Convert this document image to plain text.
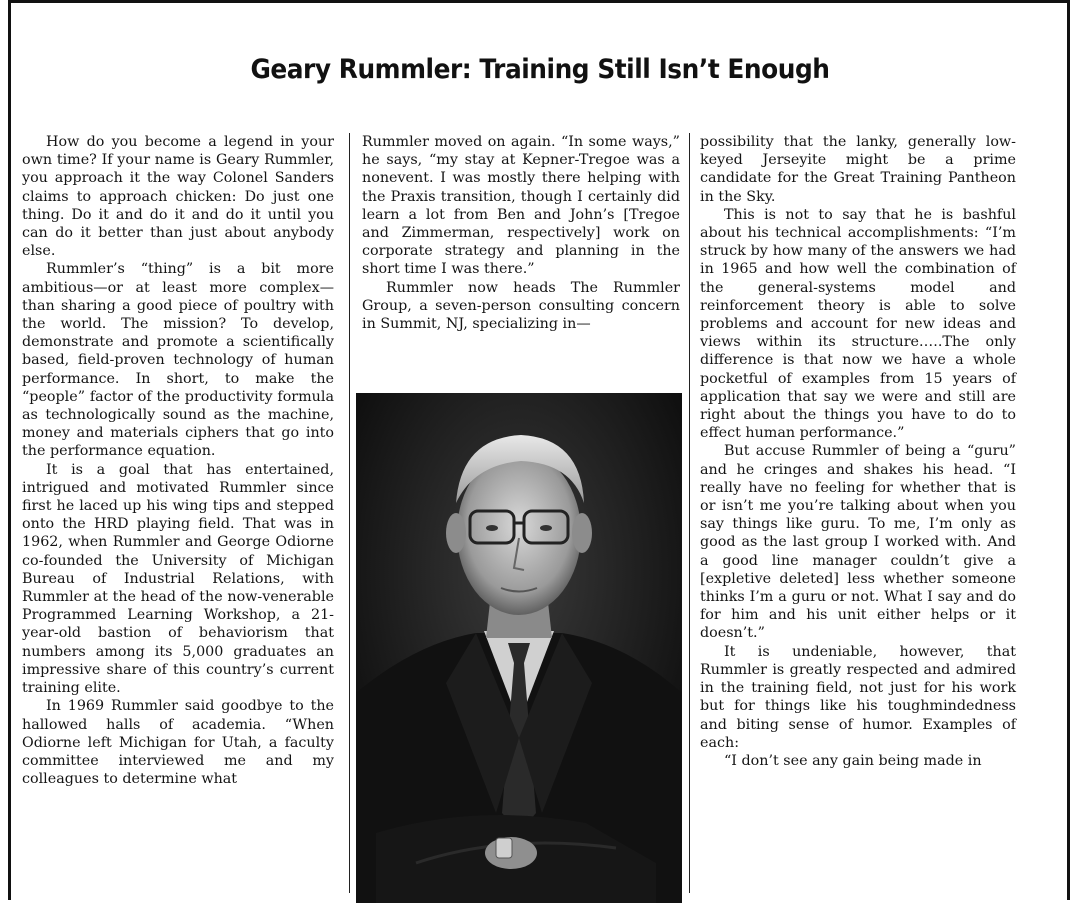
Geary Rummler: Training Still Isn’t Enough

How do you become a legend in your own time? If your name is Geary Rummler, you approach it the way Colonel Sanders claims to approach chicken: Do just one thing. Do it and do it and do it until you can do it better than just about anybody else.

Rummler’s “thing” is a bit more ambitious—or at least more complex—than sharing a good piece of poultry with the world. The mission? To develop, demonstrate and promote a scientifically based, field-proven technology of human performance. In short, to make the “people” factor of the productivity formula as technologically sound as the machine, money and materials ciphers that go into the performance equation.

It is a goal that has entertained, intrigued and motivated Rummler since first he laced up his wing tips and stepped onto the HRD playing field. That was in 1962, when Rummler and George Odiorne co-founded the University of Michigan Bureau of Industrial Relations, with Rummler at the head of the now-venerable Programmed Learning Workshop, a 21-year-old bastion of behaviorism that numbers among its 5,000 graduates an impressive share of this country’s current training elite.

In 1969 Rummler said goodbye to the hallowed halls of academia. “When Odiorne left Michigan for Utah, a faculty committee interviewed me and my colleagues to determine what

Rummler moved on again. “In some ways,” he says, “my stay at Kepner-Tregoe was a nonevent. I was mostly there helping with the Praxis transition, though I certainly did learn a lot from Ben and John’s [Tregoe and Zimmerman, respectively] work on corporate strategy and planning in the short time I was there.”

Rummler now heads The Rummler Group, a seven-person consulting concern in Summit, NJ, specializing in—

possibility that the lanky, generally low-keyed Jerseyite might be a prime candidate for the Great Training Pantheon in the Sky.

This is not to say that he is bashful about his technical accomplishments: “I’m struck by how many of the answers we had in 1965 and how well the combination of the general-systems model and reinforcement theory is able to solve problems and account for new ideas and views within its structure.….The only difference is that now we have a whole pocketful of examples from 15 years of application that say we were and still are right about the things you have to do to effect human performance.”

But accuse Rummler of being a “guru” and he cringes and shakes his head. “I really have no feeling for whether that is or isn’t me you’re talking about when you say things like guru. To me, I’m only as good as the last group I worked with. And a good line manager couldn’t give a [expletive deleted] less whether someone thinks I’m a guru or not. What I say and do for him and his unit either helps or it doesn’t.”

It is undeniable, however, that Rummler is greatly respected and admired in the training field, not just for his work but for things like his toughmindedness and biting sense of humor. Examples of each:

“I don’t see any gain being made in
